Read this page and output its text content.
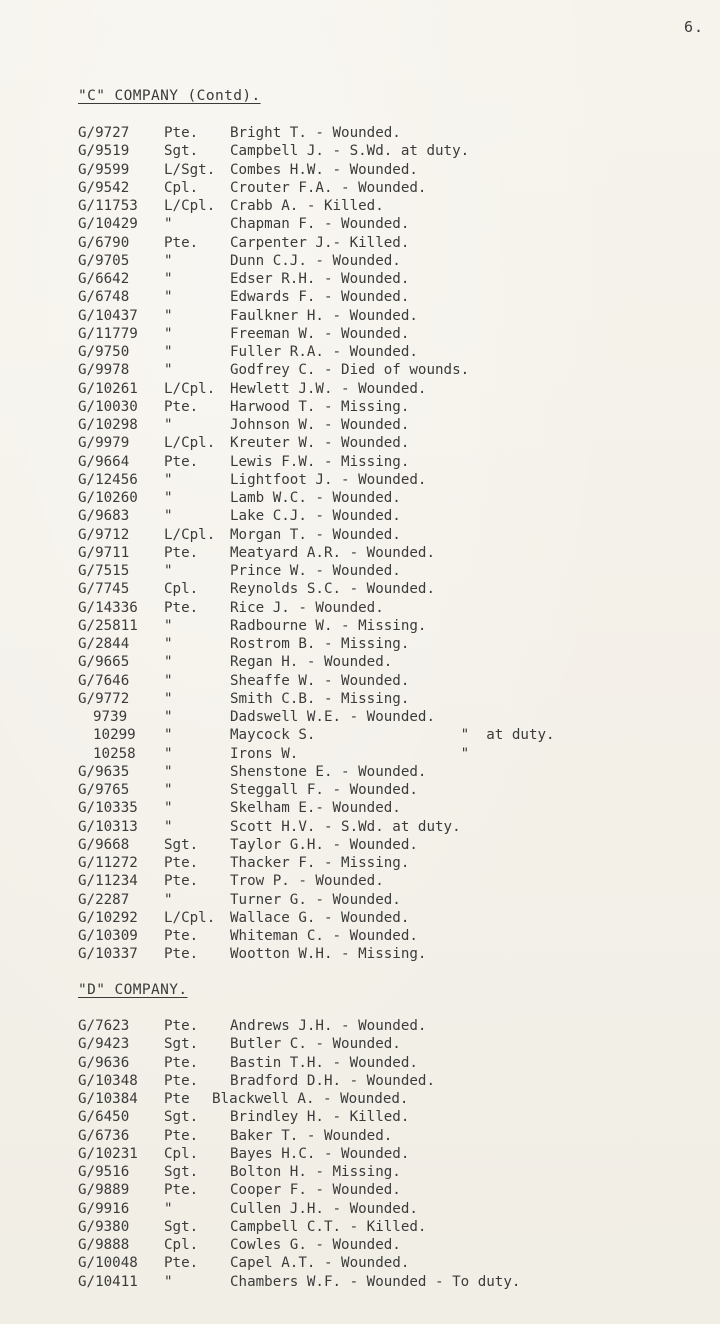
6.
"C" COMPANY (Contd).
G/9727	Pte.	Bright T. - Wounded.
G/9519	Sgt.	Campbell J. - S.Wd. at duty.
G/9599	L/Sgt.	Combes H.W. - Wounded.
G/9542	Cpl.	Crouter F.A. - Wounded.
G/11753	L/Cpl.	Crabb A. - Killed.
G/10429	"	Chapman F. - Wounded.
G/6790	Pte.	Carpenter J.- Killed.
G/9705	"	Dunn C.J. - Wounded.
G/6642	"	Edser R.H. - Wounded.
G/6748	"	Edwards F. - Wounded.
G/10437	"	Faulkner H. - Wounded.
G/11779	"	Freeman W. - Wounded.
G/9750	"	Fuller R.A. - Wounded.
G/9978	"	Godfrey C. - Died of wounds.
G/10261	L/Cpl.	Hewlett J.W. - Wounded.
G/10030	Pte.	Harwood T. - Missing.
G/10298	"	Johnson W. - Wounded.
G/9979	L/Cpl.	Kreuter W. - Wounded.
G/9664	Pte.	Lewis F.W. - Missing.
G/12456	"	Lightfoot J. - Wounded.
G/10260	"	Lamb W.C. - Wounded.
G/9683	"	Lake C.J. - Wounded.
G/9712	L/Cpl.	Morgan T. - Wounded.
G/9711	Pte.	Meatyard A.R. - Wounded.
G/7515	"	Prince W. - Wounded.
G/7745	Cpl.	Reynolds S.C. - Wounded.
G/14336	Pte.	Rice J. - Wounded.
G/25811	"	Radbourne W. - Missing.
G/2844	"	Rostrom B. - Missing.
G/9665	"	Regan H. - Wounded.
G/7646	"	Sheaffe W. - Wounded.
G/9772	"	Smith C.B. - Missing.
9739	"	Dadswell W.E. - Wounded.
10299	"	Maycock S.                 "  at duty.
10258	"	Irons W.                   "
G/9635	"	Shenstone E. - Wounded.
G/9765	"	Steggall F. - Wounded.
G/10335	"	Skelham E.- Wounded.
G/10313	"	Scott H.V. - S.Wd. at duty.
G/9668	Sgt.	Taylor G.H. - Wounded.
G/11272	Pte.	Thacker F. - Missing.
G/11234	Pte.	Trow P. - Wounded.
G/2287	"	Turner G. - Wounded.
G/10292	L/Cpl.	Wallace G. - Wounded.
G/10309	Pte.	Whiteman C. - Wounded.
G/10337	Pte.	Wootton W.H. - Missing.
"D" COMPANY.
G/7623	Pte.	Andrews J.H. - Wounded.
G/9423	Sgt.	Butler C. - Wounded.
G/9636	Pte.	Bastin T.H. - Wounded.
G/10348	Pte.	Bradford D.H. - Wounded.
G/10384	Pte	Blackwell A. - Wounded.
G/6450	Sgt.	Brindley H. - Killed.
G/6736	Pte.	Baker T. - Wounded.
G/10231	Cpl.	Bayes H.C. - Wounded.
G/9516	Sgt.	Bolton H. - Missing.
G/9889	Pte.	Cooper F. - Wounded.
G/9916	"	Cullen J.H. - Wounded.
G/9380	Sgt.	Campbell C.T. - Killed.
G/9888	Cpl.	Cowles G. - Wounded.
G/10048	Pte.	Capel A.T. - Wounded.
G/10411	"	Chambers W.F. - Wounded - To duty.
